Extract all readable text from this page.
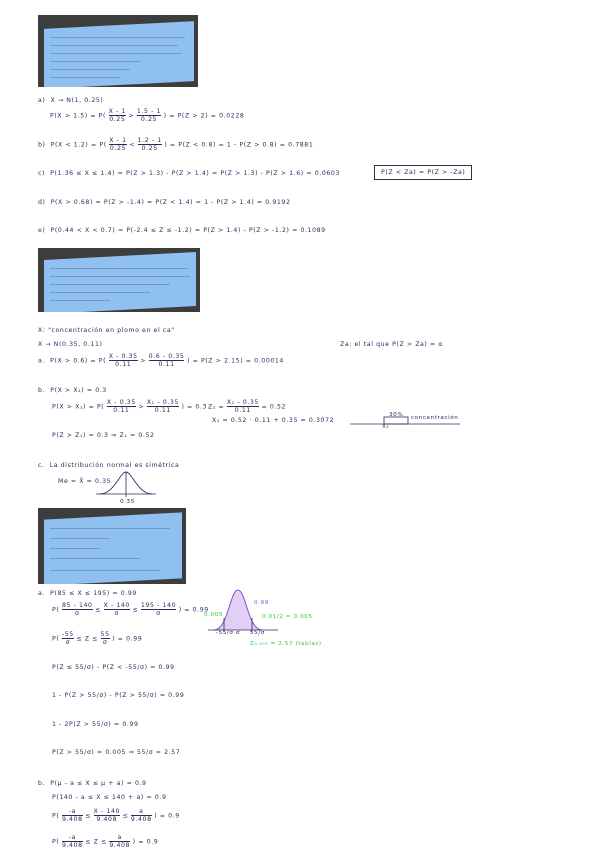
a) X → N(1, 0.25)
$P(X > 1.5) = P( \frac{X - 1}{0.25} > \frac{1.5 - 1}{0.25}$ ) = P(Z > 2) = 0.0228
b) $P(X < 1.2) = P( \frac{X - 1}{0.25} < \frac{1.2 - 1}{0.25}$ ) = P(Z < 0.8) = 1 - P(Z > 0.8) = 0.7881
c) P(1.36 ≤ X ≤ 1.4) = P(Z > 1.3) - P(Z > 1.4) = P(Z > 1.3) - P(Z > 1.6) = 0.0603	P(Z < Za) = P(Z > -Za)
d) P(X > 0.68) = P(Z > -1.4) = P(Z < 1.4) = 1 - P(Z > 1.4) = 0.9192
e) P(0.44 < X < 0.7) = P(-2.4 ≤ Z ≤ -1.2) = P(Z > 1.4) - P(Z > -1.2) = 0.1089
X: "concentración en plomo en el ca"
X → N(0.35, 0.11)	Za: el tal que P(Z > Za) = α
a. $P(X > 0.6) = P( \frac{X - 0.35}{0.11} > \frac{0.6 - 0.35}{0.11}$ ) = P(Z > 2.15) = 0.00014
b. P(X > X₁) = 0.3
$P(X > X_1) = P( \frac{X - 0.35}{0.11} > \frac{\text{X₁ - 0.35}}{0.11}$ ) = 0.3 $Z_1 = \frac{\text{X₁ - 0.35}}{0.11} = 0.52$
X₁ = 0.52 · 0.11 + 0.35 = 0.3072
30% concentración
X₁
P(Z > Z₁) = 0.3 ⇒ Z₁ = 0.52
c. La distribución normal es simétrica
Me = X̄ = 0.35
0.35
a. P(85 ≤ X ≤ 195) = 0.99
$P( \frac{85 - 140}{\sigma} \le \frac{X - 140}{\sigma} \le \frac{195 - 140}{\sigma}$ ) = 0.99
$P( \frac{-55}{\sigma} \le Z \le \frac{55}{\sigma}$ ) = 0.99
P(Z ≤ 55/σ) - P(Z < -55/σ) = 0.99
1 - P(Z > 55/σ) - P(Z > 55/σ) = 0.99
1 - 2P(Z > 55/σ) = 0.99
P(Z > 55/σ) = 0.005 ⇒ 55/σ = 2.57
0.005	0.01/2 = 0.005
0.99
-55/σ σ 55/σ
Z₀.₀₀₅ = 2.57 (tablas)
b. P(μ - a ≤ X ≤ μ + a) = 0.9
P(140 - a ≤ X ≤ 140 + a) = 0.9
$P( \frac{-a}{9.408} \le \frac{X - 140}{9.408} \le \frac{a}{9.408}$ ) = 0.9
$P( \frac{-a}{9.408} \le Z \le \frac{a}{9.408}$ ) = 0.9
